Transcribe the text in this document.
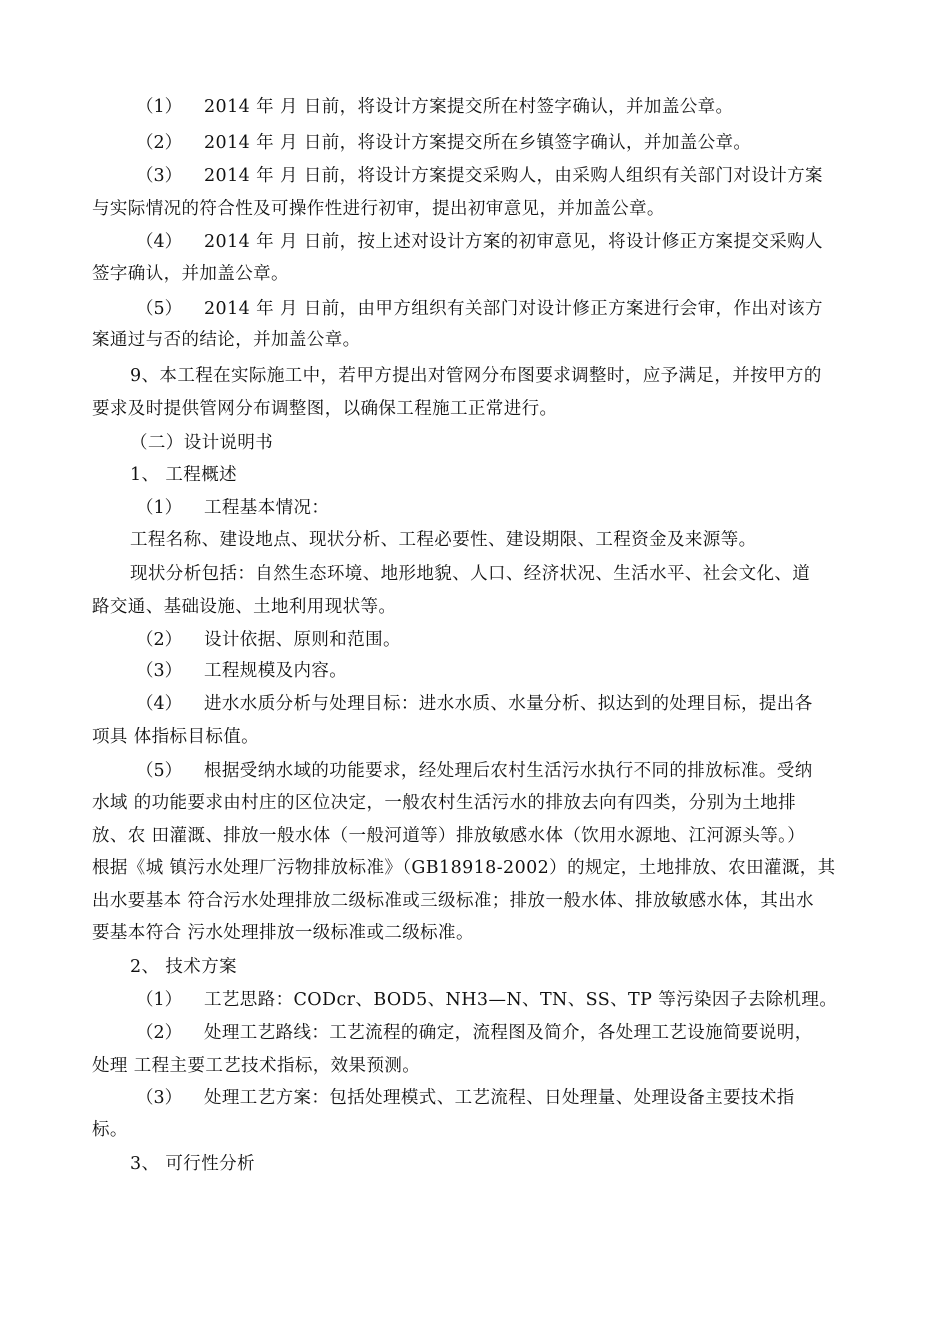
（1） 2014 年 月 日前，将设计方案提交所在村签字确认，并加盖公章。
（2） 2014 年 月 日前，将设计方案提交所在乡镇签字确认，并加盖公章。
（3） 2014 年 月 日前，将设计方案提交采购人，由采购人组织有关部门对设计方案
与实际情况的符合性及可操作性进行初审，提出初审意见，并加盖公章。
（4） 2014 年 月 日前，按上述对设计方案的初审意见，将设计修正方案提交采购人
签字确认，并加盖公章。
（5） 2014 年 月 日前，由甲方组织有关部门对设计修正方案进行会审，作出对该方
案通过与否的结论，并加盖公章。
9、本工程在实际施工中，若甲方提出对管网分布图要求调整时，应予满足，并按甲方的
要求及时提供管网分布调整图，以确保工程施工正常进行。
（二）设计说明书
1、 工程概述
（1） 工程基本情况：
工程名称、建设地点、现状分析、工程必要性、建设期限、工程资金及来源等。
现状分析包括：自然生态环境、地形地貌、人口、经济状况、生活水平、社会文化、道
路交通、基础设施、土地利用现状等。
（2） 设计依据、原则和范围。
（3） 工程规模及内容。
（4） 进水水质分析与处理目标：进水水质、水量分析、拟达到的处理目标，提出各
项具 体指标目标值。
（5） 根据受纳水域的功能要求，经处理后农村生活污水执行不同的排放标准。受纳
水域 的功能要求由村庄的区位决定，一般农村生活污水的排放去向有四类，分别为土地排
放、农 田灌溉、排放一般水体（一般河道等）排放敏感水体（饮用水源地、江河源头等。）
根据《城 镇污水处理厂污物排放标准》（GB18918-2002）的规定，土地排放、农田灌溉，其
出水要基本 符合污水处理排放二级标准或三级标准；排放一般水体、排放敏感水体，其出水
要基本符合 污水处理排放一级标准或二级标准。
2、 技术方案
（1） 工艺思路：CODcr、BOD5、NH3—N、TN、SS、TP 等污染因子去除机理。
（2） 处理工艺路线：工艺流程的确定，流程图及简介，各处理工艺设施简要说明，
处理 工程主要工艺技术指标，效果预测。
（3） 处理工艺方案：包括处理模式、工艺流程、日处理量、处理设备主要技术指
标。
3、 可行性分析
